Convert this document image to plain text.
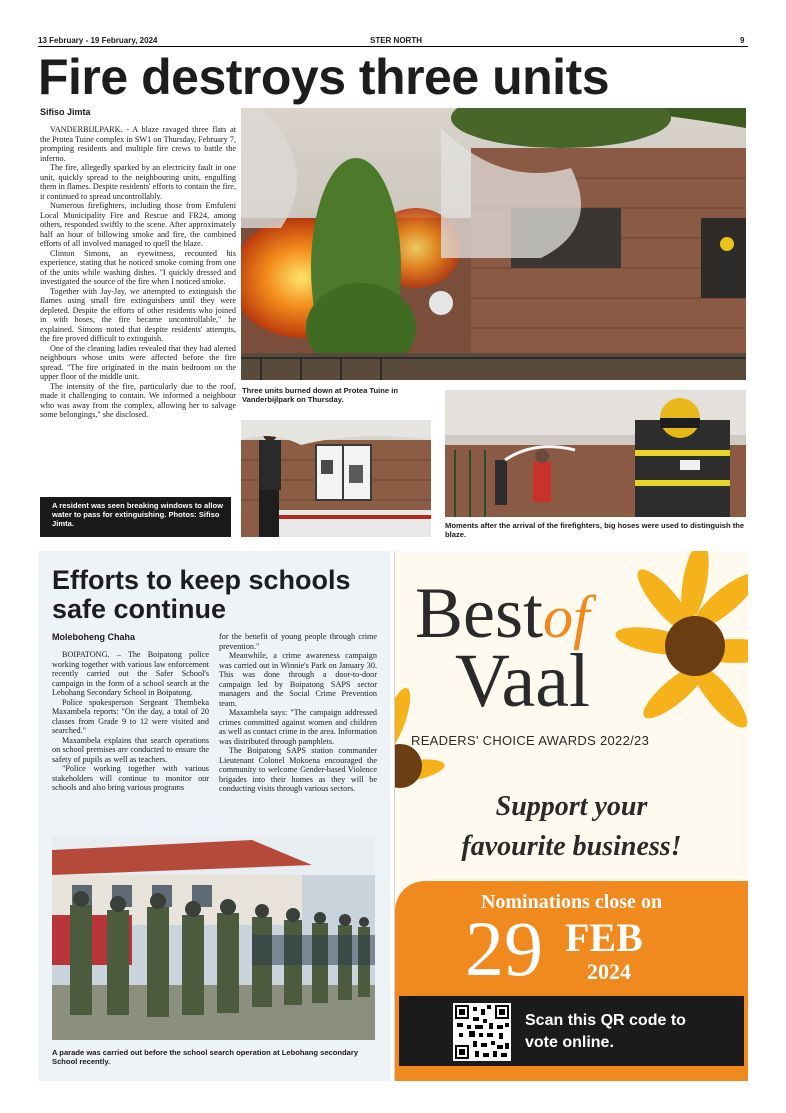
13 February - 19 February, 2024	STER NORTH	9
Fire destroys three units
Sifiso Jimta

VANDERBIJLPARK. - A blaze ravaged three flats at the Protea Tuine complex in SW1 on Thursday, February 7, prompting residents and multiple fire crews to battle the inferno.

The fire, allegedly sparked by an electricity fault in one unit, quickly spread to the neighbouring units, engulfing them in flames. Despite residents' efforts to contain the fire, it continued to spread uncontrollably.

Numerous firefighters, including those from Emfuleni Local Municipality Fire and Rescue and FR24, among others, responded swiftly to the scene. After approximately half an hour of billowing smoke and fire, the combined efforts of all involved managed to quell the blaze.

Clinton Simons, an eyewitness, recounted his experience, stating that he noticed smoke coming from one of the units while washing dishes. "I quickly dressed and investigated the source of the fire when I noticed smoke.

Together with Jay-Jay, we attempted to extinguish the flames using small fire extinguishers until they were depleted. Despite the efforts of other residents who joined in with hoses, the fire became uncontrollable," he explained. Simons noted that despite residents' attempts, the fire proved difficult to extinguish.

One of the cleaning ladies revealed that they had alerted neighbours whose units were affected before the fire spread. "The fire originated in the main bedroom on the upper floor of the middle unit.

The intensity of the fire, particularly due to the roof, made it challenging to contain. We informed a neighbour who was away from the complex, allowing her to salvage some belongings," she disclosed.

Three units burned down at Protea Tuine in Vanderbijlpark on Thursday.
A resident was seen breaking windows to allow water to pass for extinguishing. Photos: Sifiso Jimta.	Moments after the arrival of the firefighters, big hoses were used to distinguish the blaze.
Efforts to keep schools safe continue
Moleboheng Chaha

BOIPATONG. – The Boipatong police working together with various law enforcement recently carried out the Safer School's campaign in the form of a school search at the Lebohang Secondary School in Boipatong.

Police spokesperson Sergeant Thembeka Maxambela reports: "On the day, a total of 20 classes from Grade 9 to 12 were visited and searched."

Maxambela explains that search operations on school premises are conducted to ensure the safety of pupils as well as teachers.

"Police working together with various stakeholders will continue to monitor our schools and also bring various programs

for the benefit of young people through crime prevention."

Meanwhile, a crime awareness campaign was carried out in Winnie's Park on January 30. This was done through a door-to-door campaign led by Boipatong SAPS sector managers and the Social Crime Prevention team.

Maxambela says: "The campaign addressed crimes committed against women and children as well as contact crime in the area. Information was distributed through pamphlets.

The Boipatong SAPS station commander Lieutenant Colonel Mokoena encouraged the community to welcome Gender-based Violence brigades into their homes as they will be conducting visits through various sectors.

A parade was carried out before the school search operation at Lebohang secondary School recently.
Bestof
Vaal
READERS' CHOICE AWARDS 2022/23
Support your
favourite business!
Nominations close on
29 FEB
2024
Scan this QR code to
vote online.
